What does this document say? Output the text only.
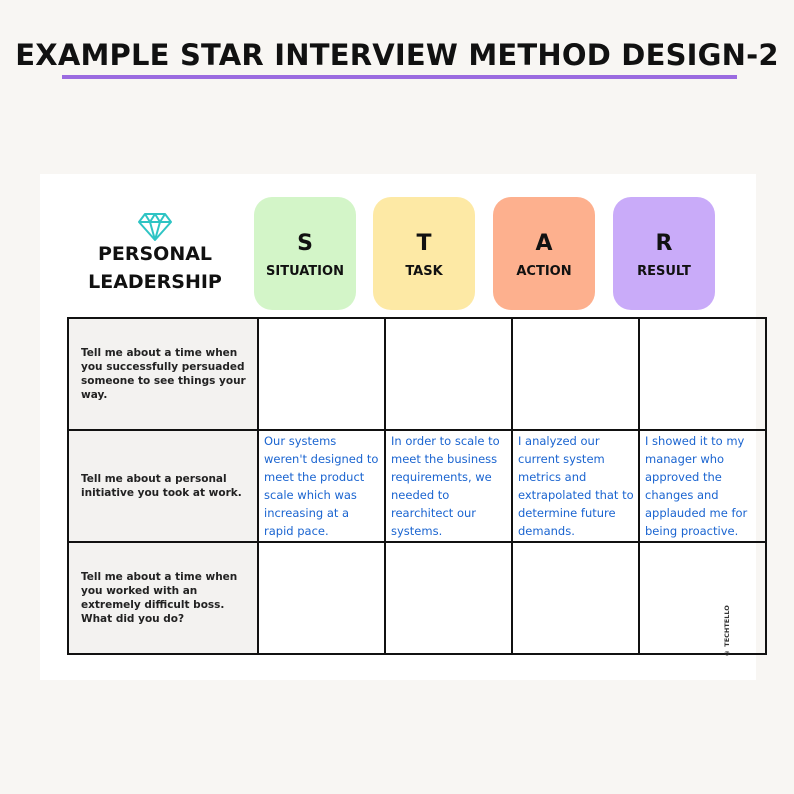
EXAMPLE STAR INTERVIEW METHOD DESIGN-2
PERSONAL LEADERSHIP
S
SITUATION
T
TASK
A
ACTION
R
RESULT
Tell me about a time when you successfully persuaded someone to see things your way.				
Tell me about a personal initiative you took at work.	Our systems weren't designed to meet the product scale which was increasing at a rapid pace.	In order to scale to meet the business requirements, we needed to rearchitect our systems.	I analyzed our current system metrics and extrapolated that to determine future demands.	I showed it to my manager who approved the changes and applauded me for being proactive.
Tell me about a time when you worked with an extremely difficult boss. What did you do?					© TECHTELLO
